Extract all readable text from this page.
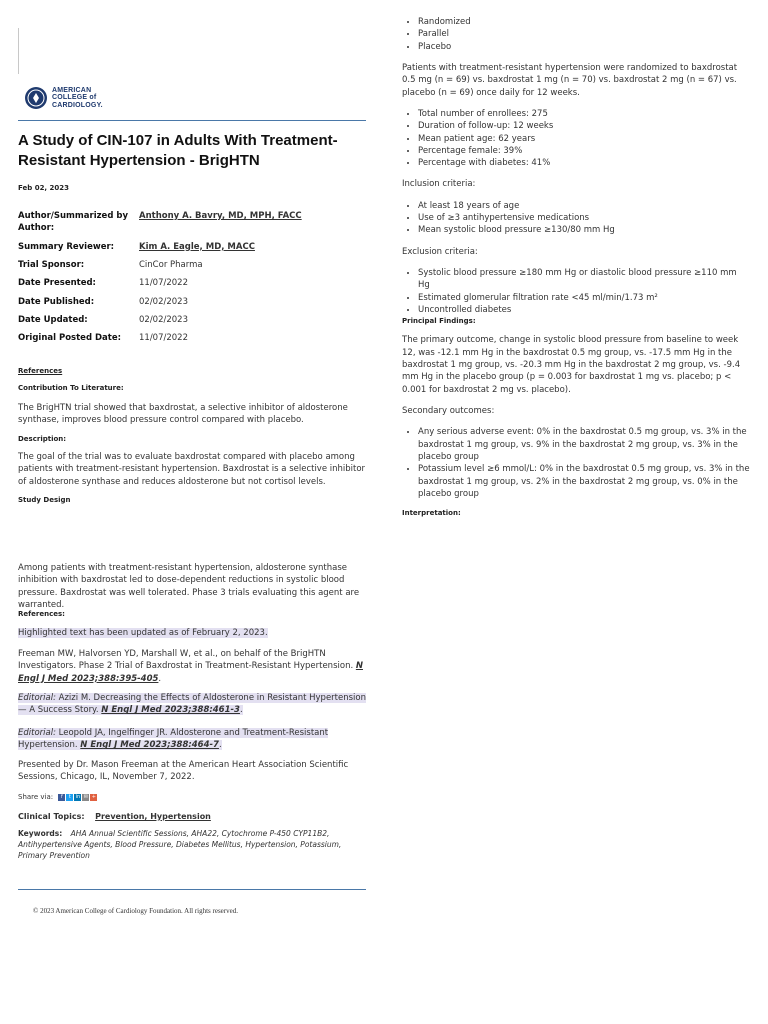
AMERICAN
COLLEGE of
CARDIOLOGY.
A Study of CIN-107 in Adults With Treatment-Resistant Hypertension - BrigHTN
Feb 02, 2023
Author/Summarized by Author:	Anthony A. Bavry, MD, MPH, FACC
Summary Reviewer:	Kim A. Eagle, MD, MACC
Trial Sponsor:	CinCor Pharma
Date Presented:	11/07/2022
Date Published:	02/02/2023
Date Updated:	02/02/2023
Original Posted Date:	11/07/2022
References
Contribution To Literature:

The BrigHTN trial showed that baxdrostat, a selective inhibitor of aldosterone synthase, improves blood pressure control compared with placebo.

Description:

The goal of the trial was to evaluate baxdrostat compared with placebo among patients with treatment-resistant hypertension. Baxdrostat is a selective inhibitor of aldosterone synthase and reduces aldosterone but not cortisol levels.

Study Design

Among patients with treatment-resistant hypertension, aldosterone synthase inhibition with baxdrostat led to dose-dependent reductions in systolic blood pressure. Baxdrostat was well tolerated. Phase 3 trials evaluating this agent are warranted.

References:

Highlighted text has been updated as of February 2, 2023.

Freeman MW, Halvorsen YD, Marshall W, et al., on behalf of the BrigHTN Investigators. Phase 2 Trial of Baxdrostat in Treatment-Resistant Hypertension. N Engl J Med 2023;388:395-405.

Editorial: Azizi M. Decreasing the Effects of Aldosterone in Resistant Hypertension — A Success Story. N Engl J Med 2023;388:461-3.

Editorial: Leopold JA, Ingelfinger JR. Aldosterone and Treatment-Resistant Hypertension. N Engl J Med 2023;388:464-7.

Presented by Dr. Mason Freeman at the American Heart Association Scientific Sessions, Chicago, IL, November 7, 2022.

Share via:	f	t in ✉ +
Clinical Topics: Prevention, Hypertension
Keywords: AHA Annual Scientific Sessions, AHA22, Cytochrome P-450 CYP11B2, Antihypertensive Agents, Blood Pressure, Diabetes Mellitus, Hypertension, Potassium, Primary Prevention
© 2023 American College of Cardiology Foundation. All rights reserved.
• Randomized
• Parallel
• Placebo

Patients with treatment-resistant hypertension were randomized to baxdrostat 0.5 mg (n = 69) vs. baxdrostat 1 mg (n = 70) vs. baxdrostat 2 mg (n = 67) vs. placebo (n = 69) once daily for 12 weeks.

• Total number of enrollees: 275
• Duration of follow-up: 12 weeks
• Mean patient age: 62 years
• Percentage female: 39%
• Percentage with diabetes: 41%

Inclusion criteria:

• At least 18 years of age
• Use of ≥3 antihypertensive medications
• Mean systolic blood pressure ≥130/80 mm Hg

Exclusion criteria:

• Systolic blood pressure ≥180 mm Hg or diastolic blood pressure ≥110 mm Hg
• Estimated glomerular filtration rate <45 ml/min/1.73 m²
• Uncontrolled diabetes
Principal Findings:

The primary outcome, change in systolic blood pressure from baseline to week 12, was -12.1 mm Hg in the baxdrostat 0.5 mg group, vs. -17.5 mm Hg in the baxdrostat 1 mg group, vs. -20.3 mm Hg in the baxdrostat 2 mg group, vs. -9.4 mm Hg in the placebo group (p = 0.003 for baxdrostat 1 mg vs. placebo; p < 0.001 for baxdrostat 2 mg vs. placebo).

Secondary outcomes:

• Any serious adverse event: 0% in the baxdrostat 0.5 mg group, vs. 3% in the baxdrostat 1 mg group, vs. 9% in the baxdrostat 2 mg group, vs. 3% in the placebo group
• Potassium level ≥6 mmol/L: 0% in the baxdrostat 0.5 mg group, vs. 3% in the baxdrostat 1 mg group, vs. 2% in the baxdrostat 2 mg group, vs. 0% in the placebo group
Interpretation:
